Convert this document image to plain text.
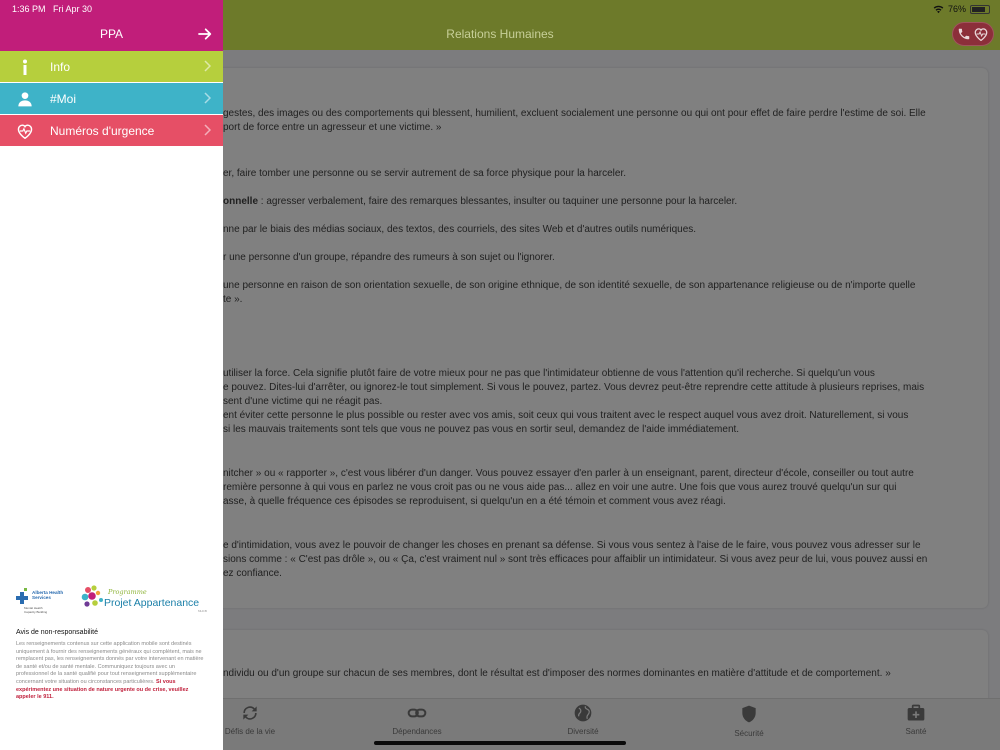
Relations Humaines
76%
gestes, des images ou des comportements qui blessent, humilient, excluent socialement une personne ou qui ont pour effet de faire perdre l'estime de soi. Elle
port de force entre un agresseur et une victime. »
er, faire tomber une personne ou se servir autrement de sa force physique pour la harceler.
onnelle : agresser verbalement, faire des remarques blessantes, insulter ou taquiner une personne pour la harceler.
nne par le biais des médias sociaux, des textos, des courriels, des sites Web et d'autres outils numériques.
r une personne d'un groupe, répandre des rumeurs à son sujet ou l'ignorer.
une personne en raison de son orientation sexuelle, de son origine ethnique, de son identité sexuelle, de son appartenance religieuse ou de n'importe quelle
te ».
utiliser la force. Cela signifie plutôt faire de votre mieux pour ne pas que l'intimidateur obtienne de vous l'attention qu'il recherche. Si quelqu'un vous
e pouvez. Dites-lui d'arrêter, ou ignorez-le tout simplement. Si vous le pouvez, partez. Vous devrez peut-être reprendre cette attitude à plusieurs reprises, mais
sent d'une victime qui ne réagit pas.
ent éviter cette personne le plus possible ou rester avec vos amis, soit ceux qui vous traitent avec le respect auquel vous avez droit. Naturellement, si vous
si les mauvais traitements sont tels que vous ne pouvez pas vous en sortir seul, demandez de l'aide immédiatement.
nitcher » ou « rapporter », c'est vous libérer d'un danger. Vous pouvez essayer d'en parler à un enseignant, parent, directeur d'école, conseiller ou tout autre
remière personne à qui vous en parlez ne vous croit pas ou ne vous aide pas... allez en voir une autre. Une fois que vous aurez trouvé quelqu'un sur qui
asse, à quelle fréquence ces épisodes se reproduisent, si quelqu'un en a été témoin et comment vous avez réagi.
e d'intimidation, vous avez le pouvoir de changer les choses en prenant sa défense. Si vous vous sentez à l'aise de le faire, vous pouvez vous adresser sur le
sions comme : « C'est pas drôle », ou « Ça, c'est vraiment nul » sont très efficaces pour affaiblir un intimidateur. Si vous avez peur de lui, vous pouvez aussi en
ez confiance.
ndividu ou d'un groupe sur chacun de ses membres, dont le résultat est d'imposer des normes dominantes en matière d'attitude et de comportement. »
Défis de la vie	Dépendances	Diversité	Sécurité	Santé
1:36 PM Fri Apr 30
PPA
Info
#Moi
Numéros d'urgence
Alberta Health
Services
Mental Health
Capacity Building
Programme
Projet Appartenance
MHCB
Avis de non-responsabilité
Les renseignements contenus sur cette application mobile sont destinés uniquement à fournir des renseignements généraux qui complètent, mais ne remplacent pas, les renseignements donnés par votre intervenant en matière de santé et/ou de santé mentale. Communiquez toujours avec un professionnel de la santé qualifié pour tout renseignement supplémentaire concernant votre situation ou circonstances particulières. Si vous expérimentez une situation de nature urgente ou de crise, veuillez appeler le 911.
